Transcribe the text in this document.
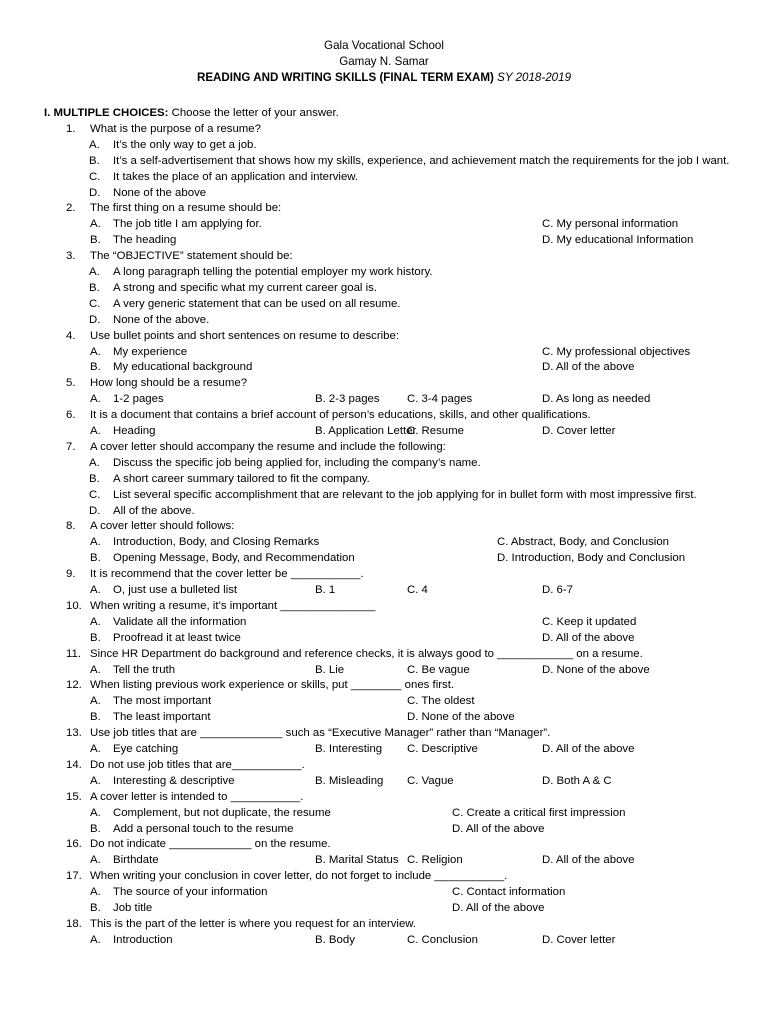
Gala Vocational School
Gamay N. Samar
READING AND WRITING SKILLS (FINAL TERM EXAM) SY 2018-2019
I. MULTIPLE CHOICES: Choose the letter of your answer.
1.	What is the purpose of a resume?
A. It’s the only way to get a job.
B. It’s a self-advertisement that shows how my skills, experience, and achievement match the requirements for the job I want.
C. It takes the place of an application and interview.
D. None of the above
2.	The first thing on a resume should be:
A. The job title I am applying for.	C. My personal information
B. The heading	D. My educational Information
3.	The “OBJECTIVE” statement should be:
A. A long paragraph telling the potential employer my work history.
B. A strong and specific what my current career goal is.
C. A very generic statement that can be used on all resume.
D. None of the above.
4.	Use bullet points and short sentences on resume to describe:
A. My experience	C. My professional objectives
B. My educational background	D. All of the above
5.	How long should be a resume?
A. 1-2 pages	B. 2-3 pages C. 3-4 pages	D. As long as needed
6.	It is a document that contains a brief account of person’s educations, skills, and other qualifications.
A. Heading	B. Application Letter
C. Resume	D. Cover letter
7.	A cover letter should accompany the resume and include the following:
A. Discuss the specific job being applied for, including the company’s name.
B. A short career summary tailored to fit the company.
C. List several specific accomplishment that are relevant to the job applying for in bullet form with most impressive first.
D. All of the above.
8.	A cover letter should follows:
A. Introduction, Body, and Closing Remarks	C. Abstract, Body, and Conclusion
B. Opening Message, Body, and Recommendation	D. Introduction, Body and Conclusion
9.	It is recommend that the cover letter be ___________.
A. O, just use a bulleted list	B. 1	C. 4	D. 6-7
10. When writing a resume, it’s important _______________
A. Validate all the information	C. Keep it updated
B. Proofread it at least twice	D. All of the above
11. Since HR Department do background and reference checks, it is always good to ____________ on a resume.
A. Tell the truth	B. Lie	C. Be vague	D. None of the above
12. When listing previous work experience or skills, put ________ ones first.
A. The most important	C. The oldest
B. The least important	D. None of the above
13. Use job titles that are _____________ such as “Executive Manager” rather than “Manager”.
A. Eye catching	B. Interesting C. Descriptive	D. All of the above
14. Do not use job titles that are___________.
A. Interesting & descriptive	B. Misleading C. Vague	D. Both A & C
15. A cover letter is intended to ___________.
A. Complement, but not duplicate, the resume	C. Create a critical first impression
B. Add a personal touch to the resume	D. All of the above
16. Do not indicate _____________ on the resume.
A. Birthdate	B. Marital Status C. Religion	D. All of the above
17. When writing your conclusion in cover letter, do not forget to include ___________.
A. The source of your information	C. Contact information
B. Job title	D. All of the above
18. This is the part of the letter is where you request for an interview.
A. Introduction	B. Body	C. Conclusion	D. Cover letter
